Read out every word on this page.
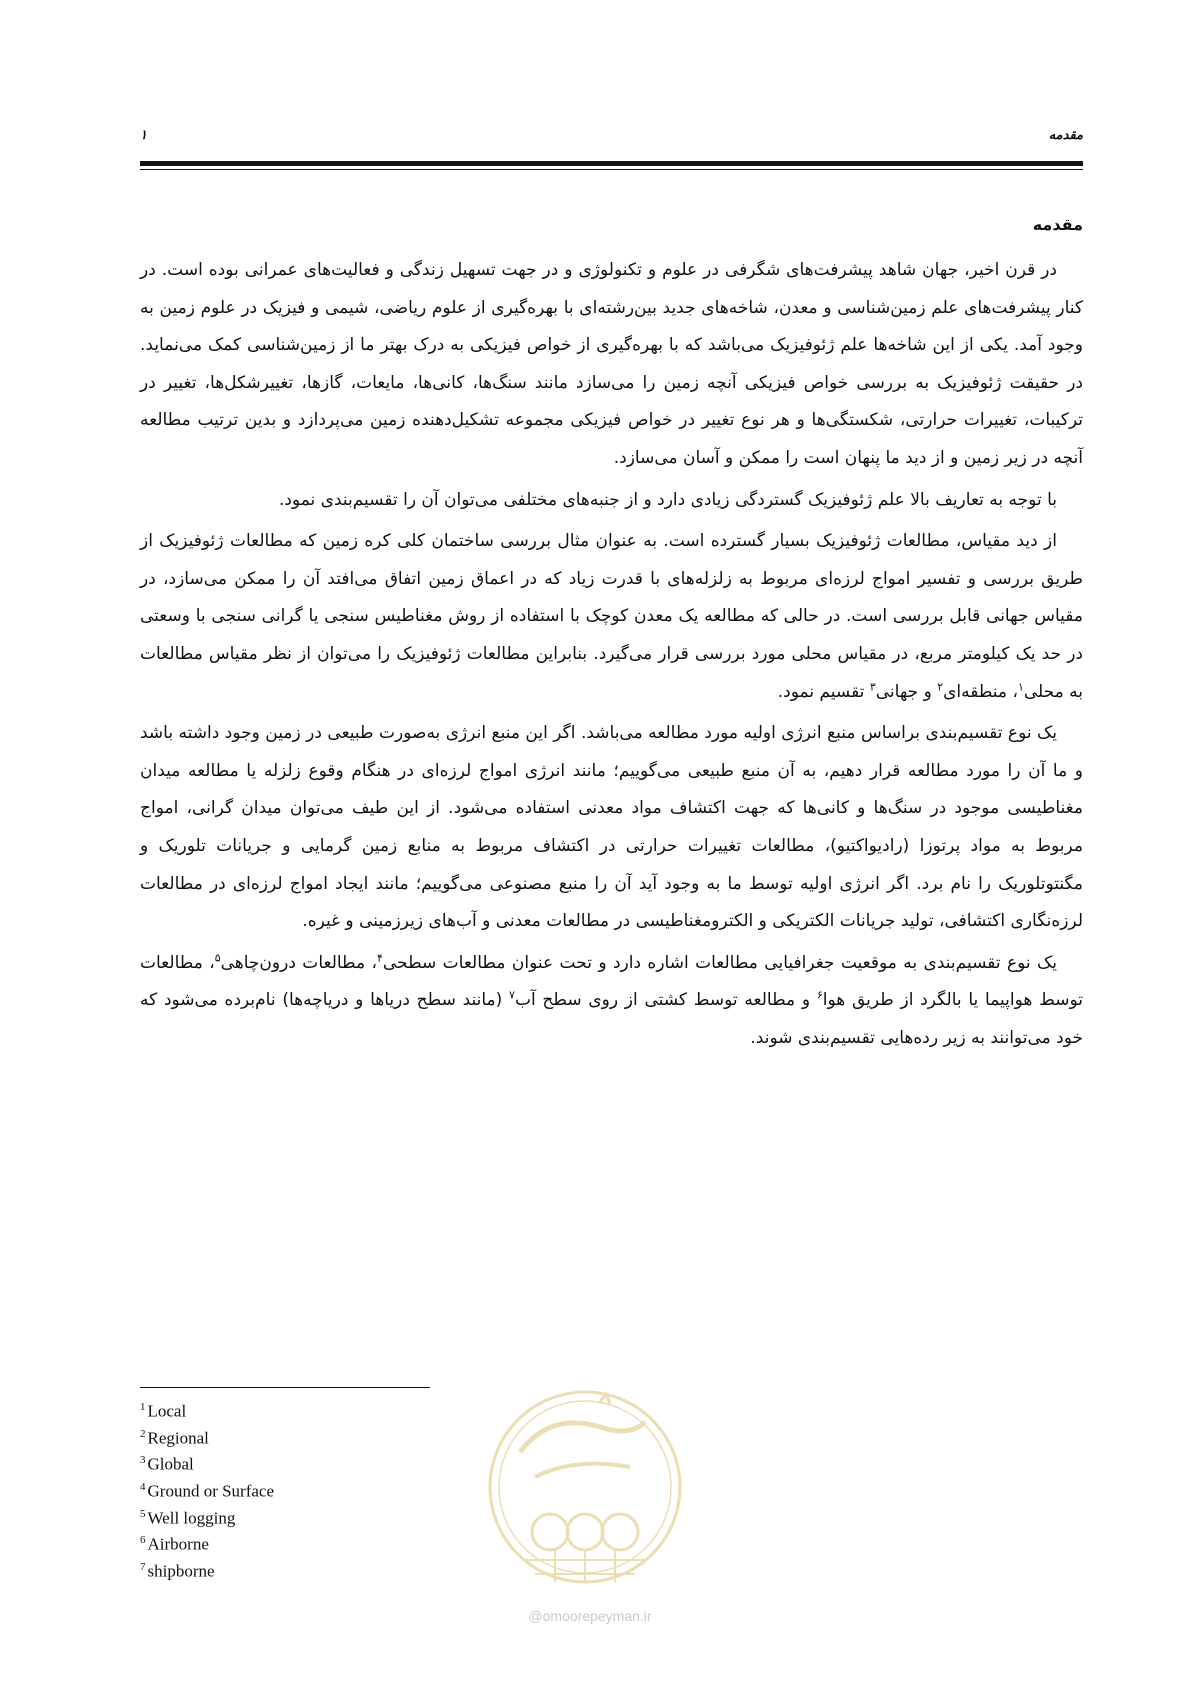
مقدمه
۱
مقدمه

در قرن اخیر، جهان شاهد پیشرفت‌های شگرفی در علوم و تکنولوژی و در جهت تسهیل زندگی و فعالیت‌های عمرانی بوده است. در کنار پیشرفت‌های علم زمین‌شناسی و معدن، شاخه‌های جدید بین‌رشته‌ای با بهره‌گیری از علوم ریاضی، شیمی و فیزیک در علوم زمین به وجود آمد. یکی از این شاخه‌ها علم ژئوفیزیک می‌باشد که با بهره‌گیری از خواص فیزیکی به درک بهتر ما از زمین‌شناسی کمک می‌نماید. در حقیقت ژئوفیزیک به بررسی خواص فیزیکی آنچه زمین را می‌سازد مانند سنگ‌ها، کانی‌ها، مایعات، گازها، تغییرشکل‌ها، تغییر در ترکیبات، تغییرات حرارتی، شکستگی‌ها و هر نوع تغییر در خواص فیزیکی مجموعه تشکیل‌دهنده زمین می‌پردازد و بدین ترتیب مطالعه آنچه در زیر زمین و از دید ما پنهان است را ممکن و آسان می‌سازد.

با توجه به تعاریف بالا علم ژئوفیزیک گستردگی زیادی دارد و از جنبه‌های مختلفی می‌توان آن را تقسیم‌بندی نمود.

از دید مقیاس، مطالعات ژئوفیزیک بسیار گسترده است. به عنوان مثال بررسی ساختمان کلی کره زمین که مطالعات ژئوفیزیک از طریق بررسی و تفسیر امواج لرزه‌ای مربوط به زلزله‌های با قدرت زیاد که در اعماق زمین اتفاق می‌افتد آن را ممکن می‌سازد، در مقیاس جهانی قابل بررسی است. در حالی که مطالعه یک معدن کوچک با استفاده از روش مغناطیس سنجی یا گرانی سنجی با وسعتی در حد یک کیلومتر مربع، در مقیاس محلی مورد بررسی قرار می‌گیرد. بنابراین مطالعات ژئوفیزیک را می‌توان از نظر مقیاس مطالعات به محلی$^۱$، منطقه‌ای$^۲$ و جهانی$^۳$ تقسیم نمود.

یک نوع تقسیم‌بندی براساس منبع انرژی اولیه مورد مطالعه می‌باشد. اگر این منبع انرژی به‌صورت طبیعی در زمین وجود داشته باشد و ما آن را مورد مطالعه قرار دهیم، به آن منبع طبیعی می‌گوییم؛ مانند انرژی امواج لرزه‌ای در هنگام وقوع زلزله یا مطالعه میدان مغناطیسی موجود در سنگ‌ها و کانی‌ها که جهت اکتشاف مواد معدنی استفاده می‌شود. از این طیف می‌توان میدان گرانی، امواج مربوط به مواد پرتوزا (رادیواکتیو)، مطالعات تغییرات حرارتی در اکتشاف مربوط به منابع زمین گرمایی و جریانات تلوریک و مگنتوتلوریک را نام برد. اگر انرژی اولیه توسط ما به وجود آید آن را منبع مصنوعی می‌گوییم؛ مانند ایجاد امواج لرزه‌ای در مطالعات لرزه‌نگاری اکتشافی، تولید جریانات الکتریکی و الکترومغناطیسی در مطالعات معدنی و آب‌های زیرزمینی و غیره.

یک نوع تقسیم‌بندی به موقعیت جغرافیایی مطالعات اشاره دارد و تحت عنوان مطالعات سطحی$^۴$، مطالعات درون‌چاهی$^۵$، مطالعات توسط هواپیما یا بالگرد از طریق هوا$^۶$ و مطالعه توسط کشتی از روی سطح آب$^۷$ (مانند سطح دریاها و دریاچه‌ها) نام‌برده می‌شود که خود می‌توانند به زیر رده‌هایی تقسیم‌بندی شوند.

$^1$ Local
$^2$ Regional
$^3$ Global
$^4$ Ground or Surface
$^5$ Well logging
$^6$ Airborne
$^7$ shipborne
@omoorepeyman.ir
